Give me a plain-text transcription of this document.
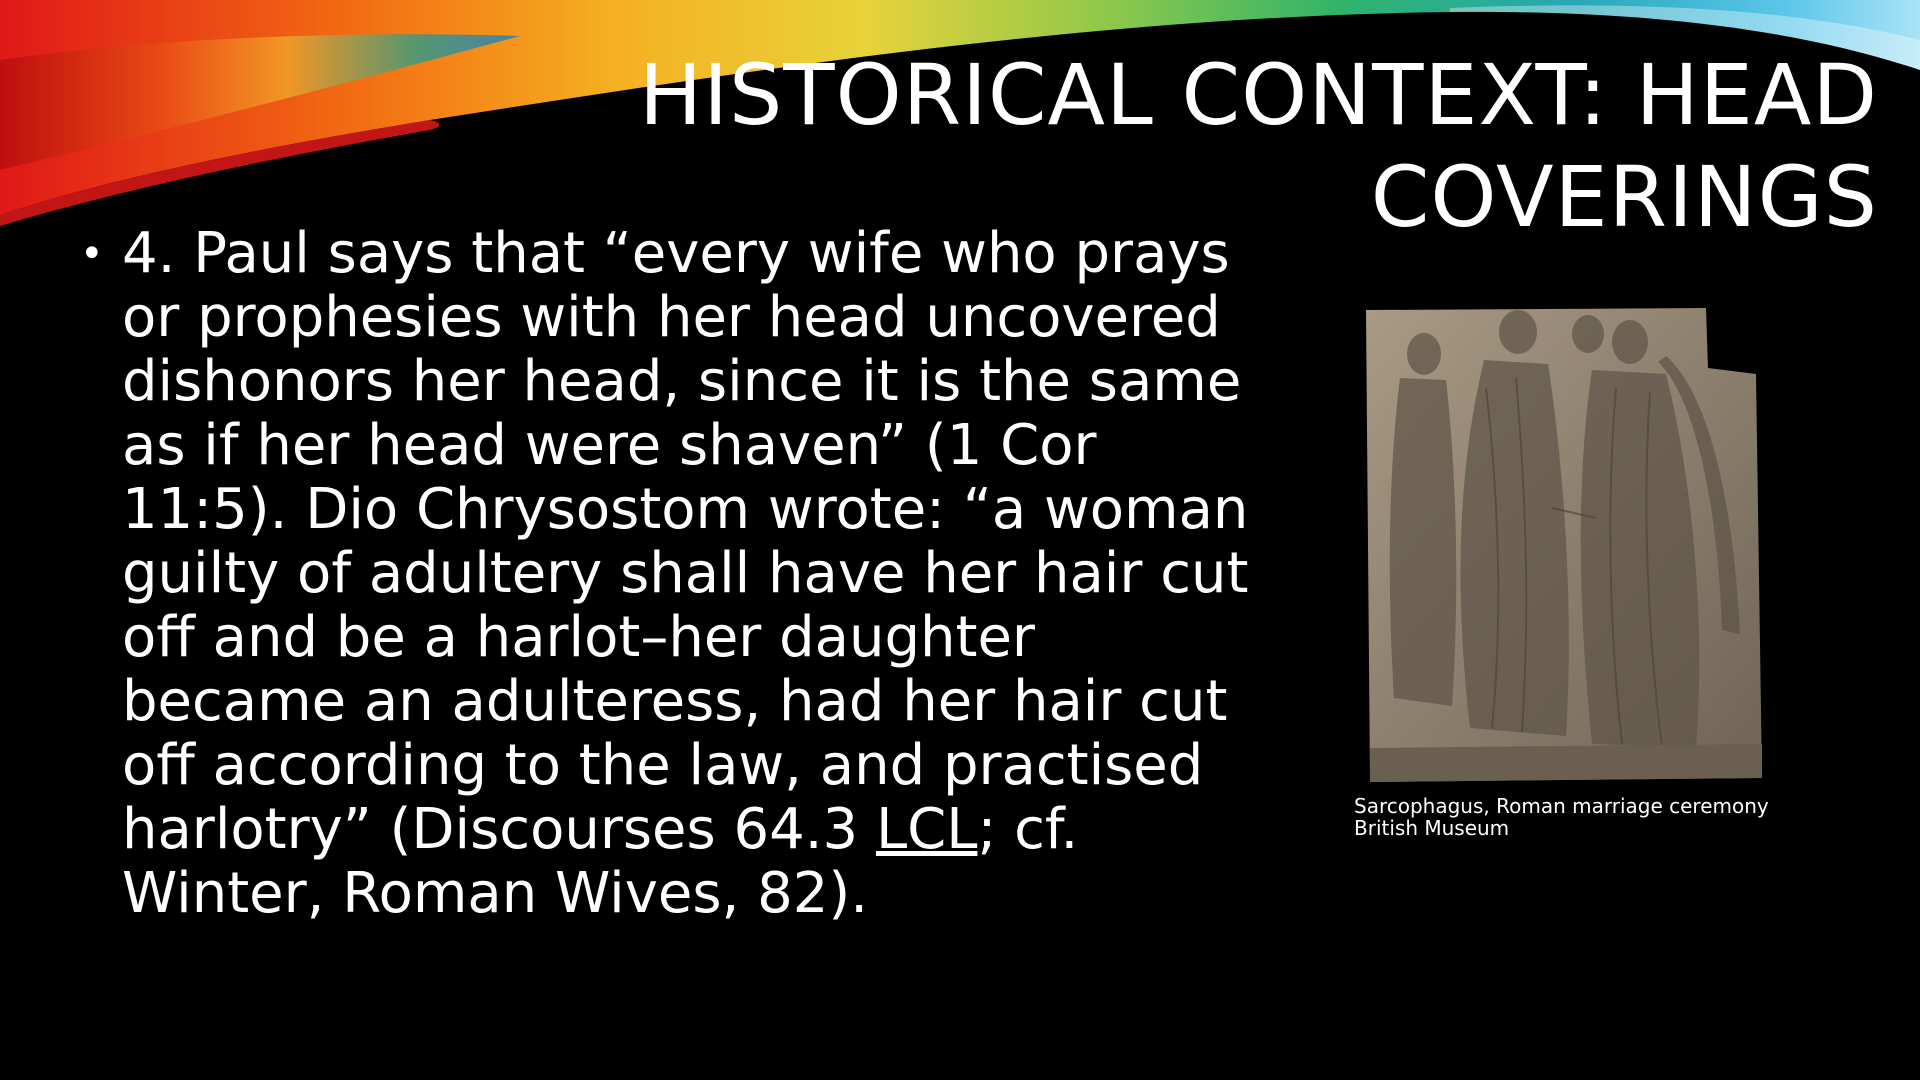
HISTORICAL CONTEXT: HEAD COVERINGS
• 4. Paul says that “every wife who prays or prophesies with her head uncovered dishonors her head, since it is the same as if her head were shaven” (1 Cor 11:5). Dio Chrysostom wrote: “a woman guilty of adultery shall have her hair cut off and be a harlot–her daughter became an adulteress, had her hair cut off according to the law, and practised harlotry” (Discourses 64.3 LCL; cf. Winter, Roman Wives, 82).
Sarcophagus, Roman marriage ceremony
British Museum
